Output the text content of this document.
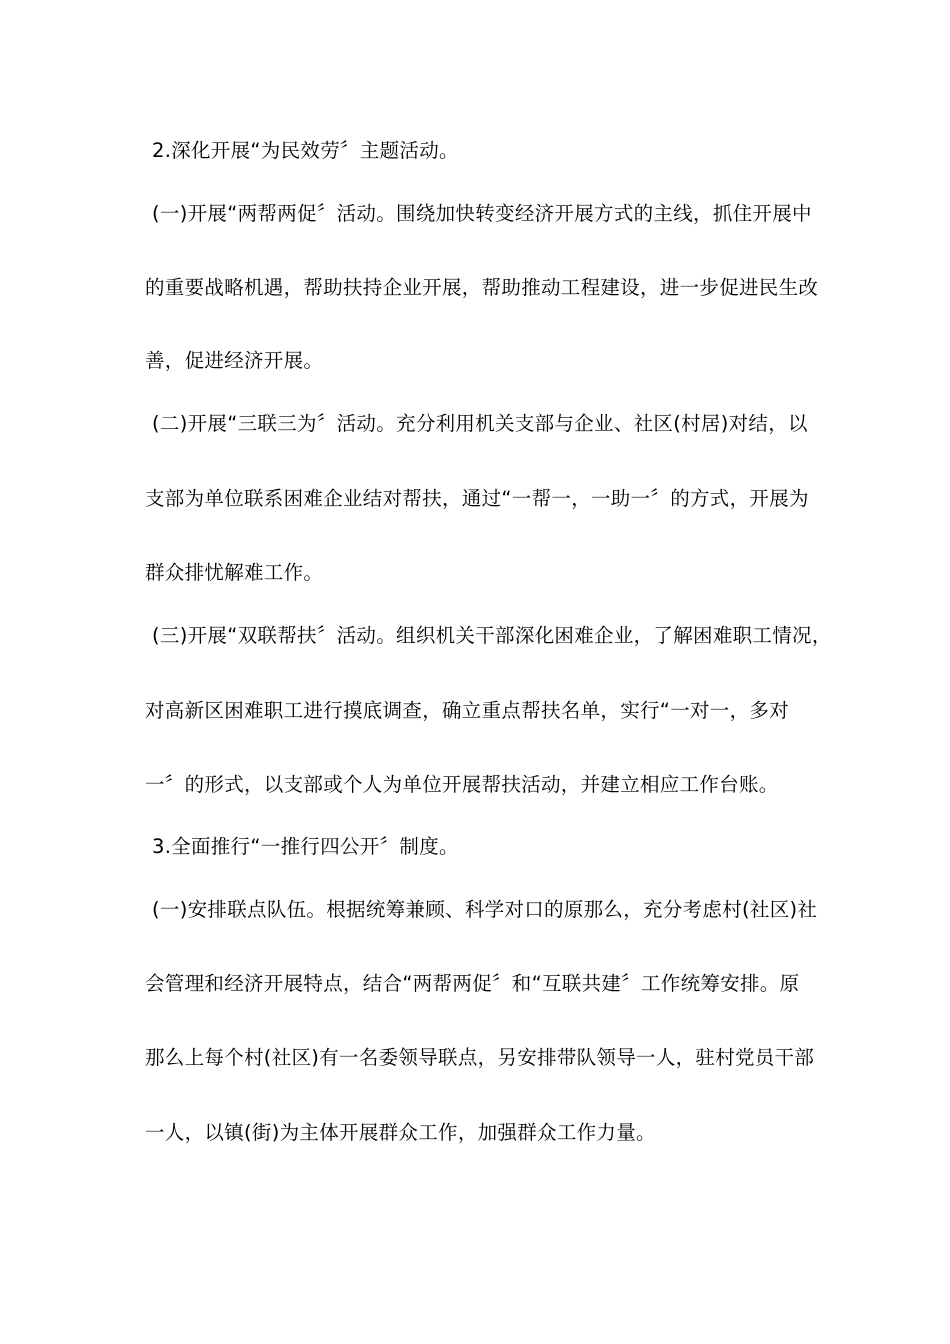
2.深化开展“为民效劳〞主题活动。
(一)开展“两帮两促〞活动。围绕加快转变经济开展方式的主线，抓住开展中
的重要战略机遇，帮助扶持企业开展，帮助推动工程建设，进一步促进民生改
善，促进经济开展。
(二)开展“三联三为〞活动。充分利用机关支部与企业、社区(村居)对结，以
支部为单位联系困难企业结对帮扶，通过“一帮一，一助一〞的方式，开展为
群众排忧解难工作。
(三)开展“双联帮扶〞活动。组织机关干部深化困难企业，了解困难职工情况，
对高新区困难职工进行摸底调查，确立重点帮扶名单，实行“一对一，多对
一〞的形式，以支部或个人为单位开展帮扶活动，并建立相应工作台账。
3.全面推行“一推行四公开〞制度。
(一)安排联点队伍。根据统筹兼顾、科学对口的原那么，充分考虑村(社区)社
会管理和经济开展特点，结合“两帮两促〞和“互联共建〞工作统筹安排。原
那么上每个村(社区)有一名委领导联点，另安排带队领导一人，驻村党员干部
一人，以镇(街)为主体开展群众工作，加强群众工作力量。
